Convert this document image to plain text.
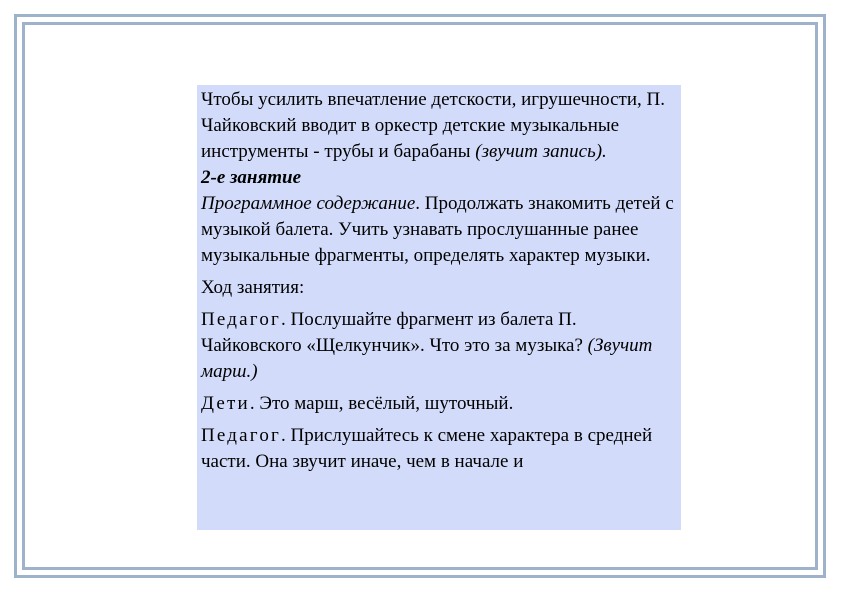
Чтобы усилить впечатление детскости, игрушечности, П. Чайковский вводит в оркестр детские музыкальные инструменты - трубы и барабаны (звучит запись).

2-е занятие

Программное содержание. Продолжать знакомить детей с музыкой балета. Учить узнавать прослушанные ранее музыкальные фрагменты, определять характер музыки.

Ход занятия:

Педагог. Послушайте фрагмент из балета П. Чайковского «Щелкунчик». Что это за музыка? (Звучит марш.)

Дети. Это марш, весёлый, шуточный.

Педагог. Прислушайтесь к смене характера в средней части. Она звучит иначе, чем в начале и
